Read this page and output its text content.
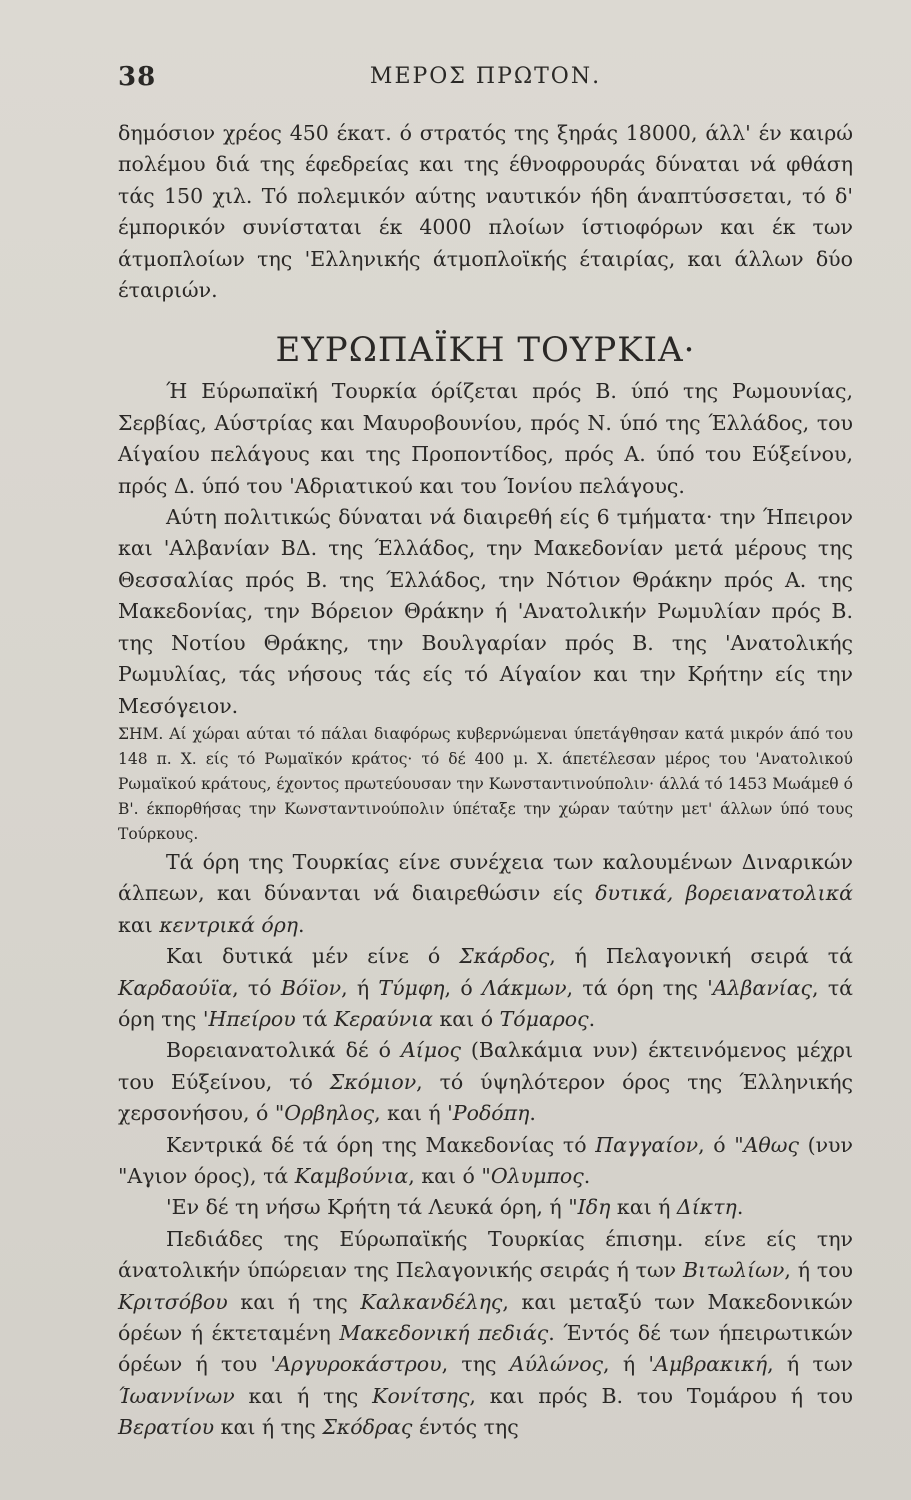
38	ΜΕΡΟΣ ΠΡΩΤΟΝ.

δημόσιον χρέος 450 έκατ. ό στρατός της ξηράς 18000, άλλ' έν καιρώ πολέμου διά της έφεδρείας και της έθνοφρουράς δύναται νά φθάση τάς 150 χιλ. Τό πολεμικόν αύτης ναυτικόν ήδη άναπτύσσεται, τό δ' έμπορικόν συνίσταται έκ 4000 πλοίων ίστιοφόρων και έκ των άτμοπλοίων της 'Ελληνικής άτμοπλοϊκής έταιρίας, και άλλων δύο έταιριών.

ΕΥΡΩΠΑΪΚΗ ΤΟΥΡΚΙΑ·

Ή Εύρωπαϊκή Τουρκία όρίζεται πρός Β. ύπό της Ρωμουνίας, Σερβίας, Αύστρίας και Μαυροβουνίου, πρός Ν. ύπό της Έλλάδος, του Αίγαίου πελάγους και της Προποντίδος, πρός Α. ύπό του Εύξείνου, πρός Δ. ύπό του 'Αδριατικού και του Ίονίου πελάγους.

Αύτη πολιτικώς δύναται νά διαιρεθή είς 6 τμήματα· την Ήπειρον και 'Αλβανίαν ΒΔ. της Έλλάδος, την Μακεδονίαν μετά μέρους της Θεσσαλίας πρός Β. της Έλλάδος, την Νότιον Θράκην πρός Α. της Μακεδονίας, την Βόρειον Θράκην ή 'Ανατολικήν Ρωμυλίαν πρός Β. της Νοτίου Θράκης, την Βουλγαρίαν πρός Β. της 'Ανατολικής Ρωμυλίας, τάς νήσους τάς είς τό Αίγαίον και την Κρήτην είς την Μεσόγειον.

ΣΗΜ. Αί χώραι αύται τό πάλαι διαφόρως κυβερνώμεναι ύπετάγθησαν κατά μικρόν άπό του 148 π. Χ. είς τό Ρωμαϊκόν κράτος· τό δέ 400 μ. Χ. άπετέλεσαν μέρος του 'Ανατολικού Ρωμαϊκού κράτους, έχοντος πρωτεύουσαν την Κωνσταντινούπολιν· άλλά τό 1453 Μωάμεθ ό Β'. έκπορθήσας την Κωνσταντινούπολιν ύπέταξε την χώραν ταύτην μετ' άλλων ύπό τους Τούρκους.

Τά όρη της Τουρκίας είνε συνέχεια των καλουμένων Διναρικών άλπεων, και δύνανται νά διαιρεθώσιν είς δυτικά, βορειανατολικά και κεντρικά όρη.

Και δυτικά μέν είνε ό Σκάρδος, ή Πελαγονική σειρά τά Καρδαούϊα, τό Βόϊον, ή Τύμφη, ό Λάκμων, τά όρη της 'Αλβανίας, τά όρη της 'Ηπείρου τά Κεραύνια και ό Τόμαρος.

Βορειανατολικά δέ ό Αίμος (Βαλκάμια νυν) έκτεινόμενος μέχρι του Εύξείνου, τό Σκόμιον, τό ύψηλότερον όρος της Έλληνικής χερσονήσου, ό "Ορβηλος, και ή 'Ροδόπη.

Κεντρικά δέ τά όρη της Μακεδονίας τό Παγγαίον, ό "Αθως (νυν "Αγιον όρος), τά Καμβούνια, και ό "Ολυμπος.

'Εν δέ τη νήσω Κρήτη τά Λευκά όρη, ή "Ιδη και ή Δίκτη.

Πεδιάδες της Εύρωπαϊκής Τουρκίας έπισημ. είνε είς την άνατολικήν ύπώρειαν της Πελαγονικής σειράς ή των Βιτωλίων, ή του Κριτσόβου και ή της Καλκανδέλης, και μεταξύ των Μακεδονικών όρέων ή έκτεταμένη Μακεδονική πεδιάς. Έντός δέ των ήπειρωτικών όρέων ή του 'Αργυροκάστρου, της Αύλώνος, ή 'Αμβρακική, ή των Ίωαννίνων και ή της Κονίτσης, και πρός Β. του Τομάρου ή του Βερατίου και ή της Σκόδρας έντός της
